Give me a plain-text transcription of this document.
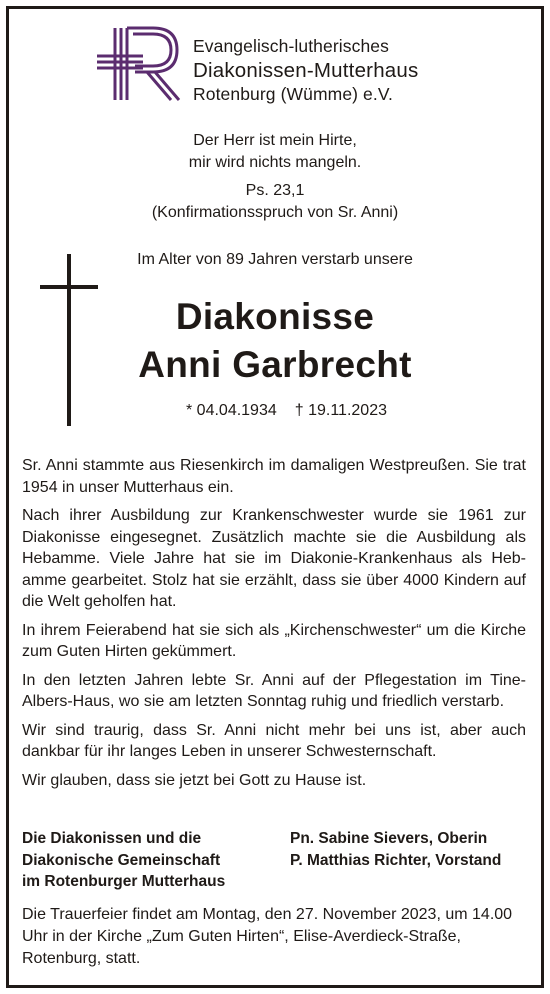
Evangelisch-lutherisches
Diakonissen-Mutterhaus
Rotenburg (Wümme) e.V.
Der Herr ist mein Hirte,
mir wird nichts mangeln.
Ps. 23,1
(Konfirmationsspruch von Sr. Anni)
Im Alter von 89 Jahren verstarb unsere
Diakonisse
Anni Garbrecht
* 04.04.1934 † 19.11.2023

Sr. Anni stammte aus Riesenkirch im damaligen Westpreußen. Sie trat 1954 in unser Mutterhaus ein.

Nach ihrer Ausbildung zur Krankenschwester wurde sie 1961 zur Diakonisse eingesegnet. Zusätzlich machte sie die Ausbildung als Hebamme. Viele Jahre hat sie im Diakonie-Krankenhaus als Hebamme gearbeitet. Stolz hat sie erzählt, dass sie über 4000 Kindern auf die Welt geholfen hat.

In ihrem Feierabend hat sie sich als „Kirchenschwester“ um die Kirche zum Guten Hirten gekümmert.

In den letzten Jahren lebte Sr. Anni auf der Pflegestation im Tine-Albers-Haus, wo sie am letzten Sonntag ruhig und friedlich verstarb.

Wir sind traurig, dass Sr. Anni nicht mehr bei uns ist, aber auch dankbar für ihr langes Leben in unserer Schwesternschaft.

Wir glauben, dass sie jetzt bei Gott zu Hause ist.

Die Diakonissen und die
Diakonische Gemeinschaft
im Rotenburger Mutterhaus
Pn. Sabine Sievers, Oberin
P. Matthias Richter, Vorstand
Die Trauerfeier findet am Montag, den 27. November 2023, um 14.00 Uhr in der Kirche „Zum Guten Hirten“, Elise-Averdieck-Straße, Rotenburg, statt.
